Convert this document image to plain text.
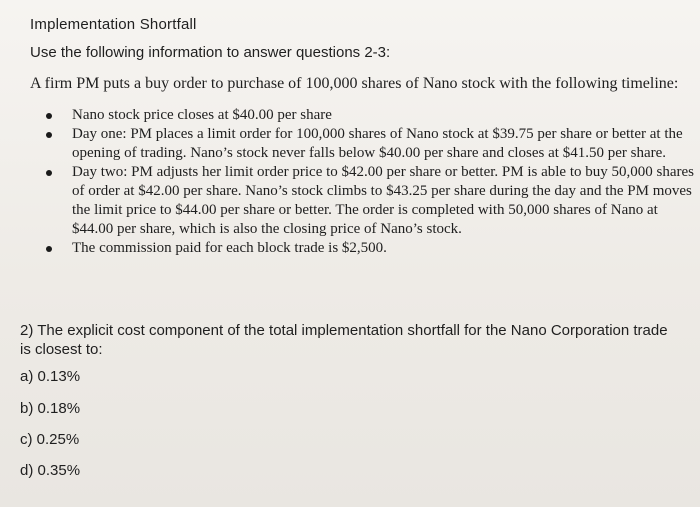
Implementation Shortfall
Use the following information to answer questions 2-3:
A firm PM puts a buy order to purchase of 100,000 shares of Nano stock with the following timeline:
Nano stock price closes at $40.00 per share
Day one: PM places a limit order for 100,000 shares of Nano stock at $39.75 per share or better at the opening of trading. Nano’s stock never falls below $40.00 per share and closes at $41.50 per share.
Day two: PM adjusts her limit order price to $42.00 per share or better. PM is able to buy 50,000 shares of order at $42.00 per share. Nano’s stock climbs to $43.25 per share during the day and the PM moves the limit price to $44.00 per share or better. The order is completed with 50,000 shares of Nano at $44.00 per share, which is also the closing price of Nano’s stock.
The commission paid for each block trade is $2,500.
2) The explicit cost component of the total implementation shortfall for the Nano Corporation trade is closest to:
a) 0.13%
b) 0.18%
c) 0.25%
d) 0.35%
